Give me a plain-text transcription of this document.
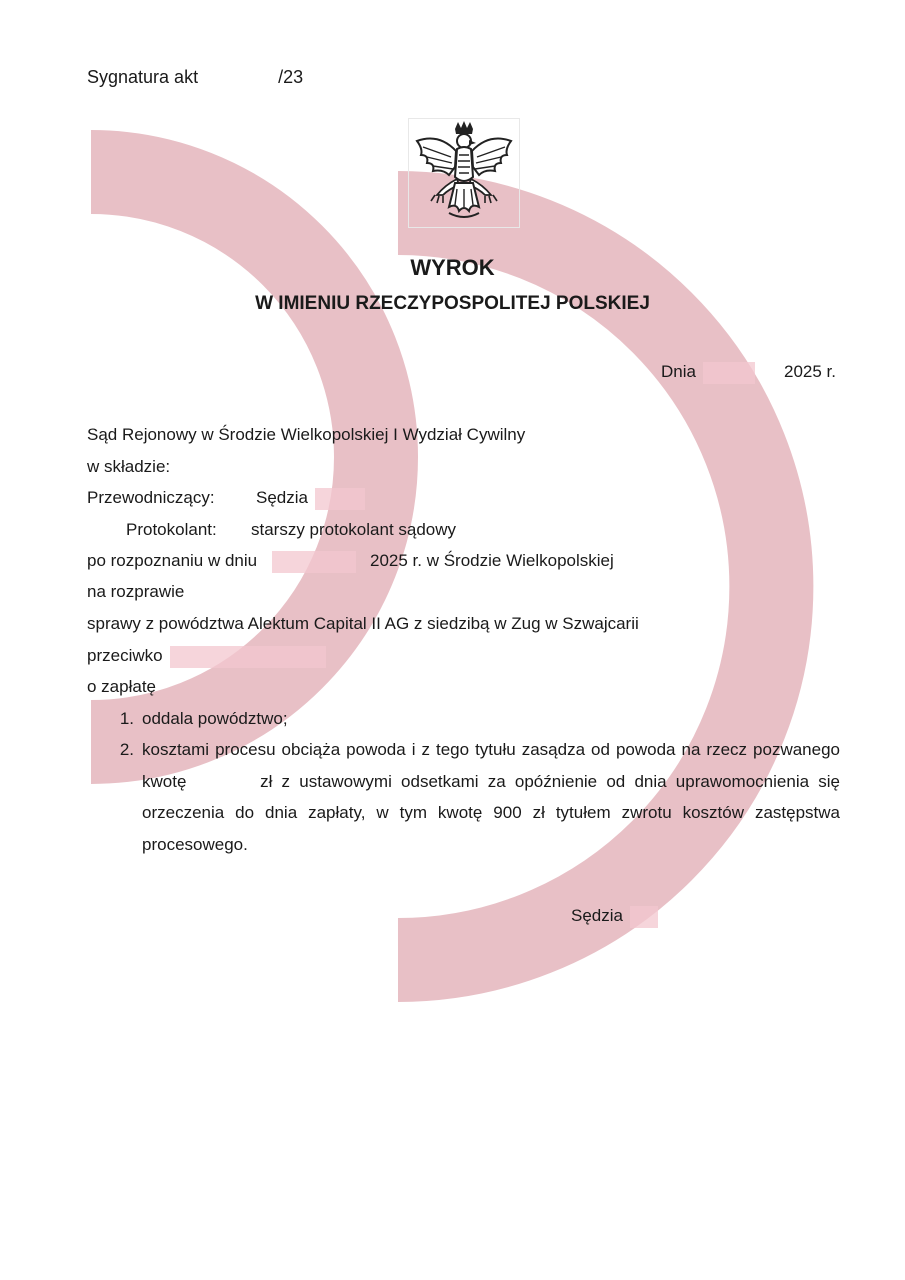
Sygnatura akt	/23
WYROK
W IMIENIU RZECZYPOSPOLITEJ POLSKIEJ
Dnia	2025 r.
Sąd Rejonowy w Środzie Wielkopolskiej I Wydział Cywilny
w składzie:
Przewodniczący: Sędzia
Protokolant: starszy protokolant sądowy
po rozpoznaniu w dniu	2025 r. w Środzie Wielkopolskiej
na rozprawie
sprawy z powództwa Alektum Capital II AG z siedzibą w Zug w Szwajcarii
przeciwko
o zapłatę
1. oddala powództwo;
2. kosztami procesu obciąża powoda i z tego tytułu zasądza od powoda na rzecz pozwanego kwotę        zł z ustawowymi odsetkami za opóźnienie od dnia uprawomocnienia się orzeczenia do dnia zapłaty, w tym kwotę 900 zł tytułem zwrotu kosztów zastępstwa procesowego.
Sędzia
